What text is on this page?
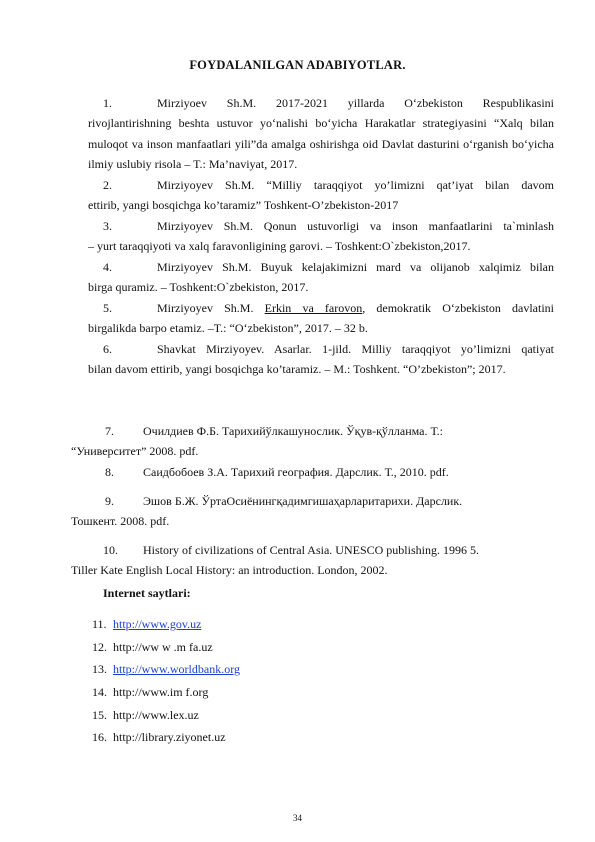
FOYDALANILGAN ADABIYOTLAR.
1.	Mirziyoev Sh.M. 2017-2021 yillarda O‘zbekiston Respublikasini
rivojlantirishning beshta ustuvor yo‘nalishi bo‘yicha Harakatlar strategiyasini “Xalq bilan muloqot va inson manfaatlari yili”da amalga oshirishga oid Davlat dasturini o‘rganish bo‘yicha ilmiy uslubiy risola – T.: Ma’naviyat, 2017.
2.	Mirziyoyev Sh.M. “Milliy taraqqiyot yo’limizni qat’iyat bilan davom
ettirib, yangi bosqichga ko’taramiz” Toshkent-O’zbekiston-2017
3.	Mirziyoyev Sh.M. Qonun ustuvorligi va inson manfaatlarini ta`minlash
– yurt taraqqiyoti va xalq faravonligining garovi. – Toshkent:O`zbekiston,2017.
4.	Mirziyoyev Sh.M. Buyuk kelajakimizni mard va olijanob xalqimiz bilan
birga quramiz. – Toshkent:O`zbekiston, 2017.
5.	Mirziyoyev Sh.M. Erkin va farovon, demokratik O‘zbekiston davlatini
birgalikda barpo etamiz. –T.: “O‘zbekiston”, 2017. – 32 b.
6.	Shavkat Mirziyoyev. Asarlar. 1-jild. Milliy taraqqiyot yo’limizni qatiyat
bilan davom ettirib, yangi bosqichga ko’taramiz. – M.: Toshkent. “O’zbekiston”; 2017.
7. Очилдиев Ф.Б. Тарихийўлкашунослик. Ўқув-қўлланма. Т.:
“Университет” 2008. pdf.
8. Саидбобоев З.А. Тарихий география. Дарслик. Т., 2010. pdf.
9. Эшов Б.Ж. ЎртаОсиёнингқадимгишаҳарларитарихи. Дарслик.
Тошкент. 2008. pdf.
10. History of civilizations of Central Asia. UNESCO publishing. 1996 5.
Tiller Kate English Local History: an introduction. London, 2002.
Internet saytlari:
11. http://www.gov.uz
12. http://ww w .m fa.uz
13. http://www.worldbank.org
14. http://www.im f.org
15. http://www.lex.uz
16. http://library.ziyonet.uz
34
